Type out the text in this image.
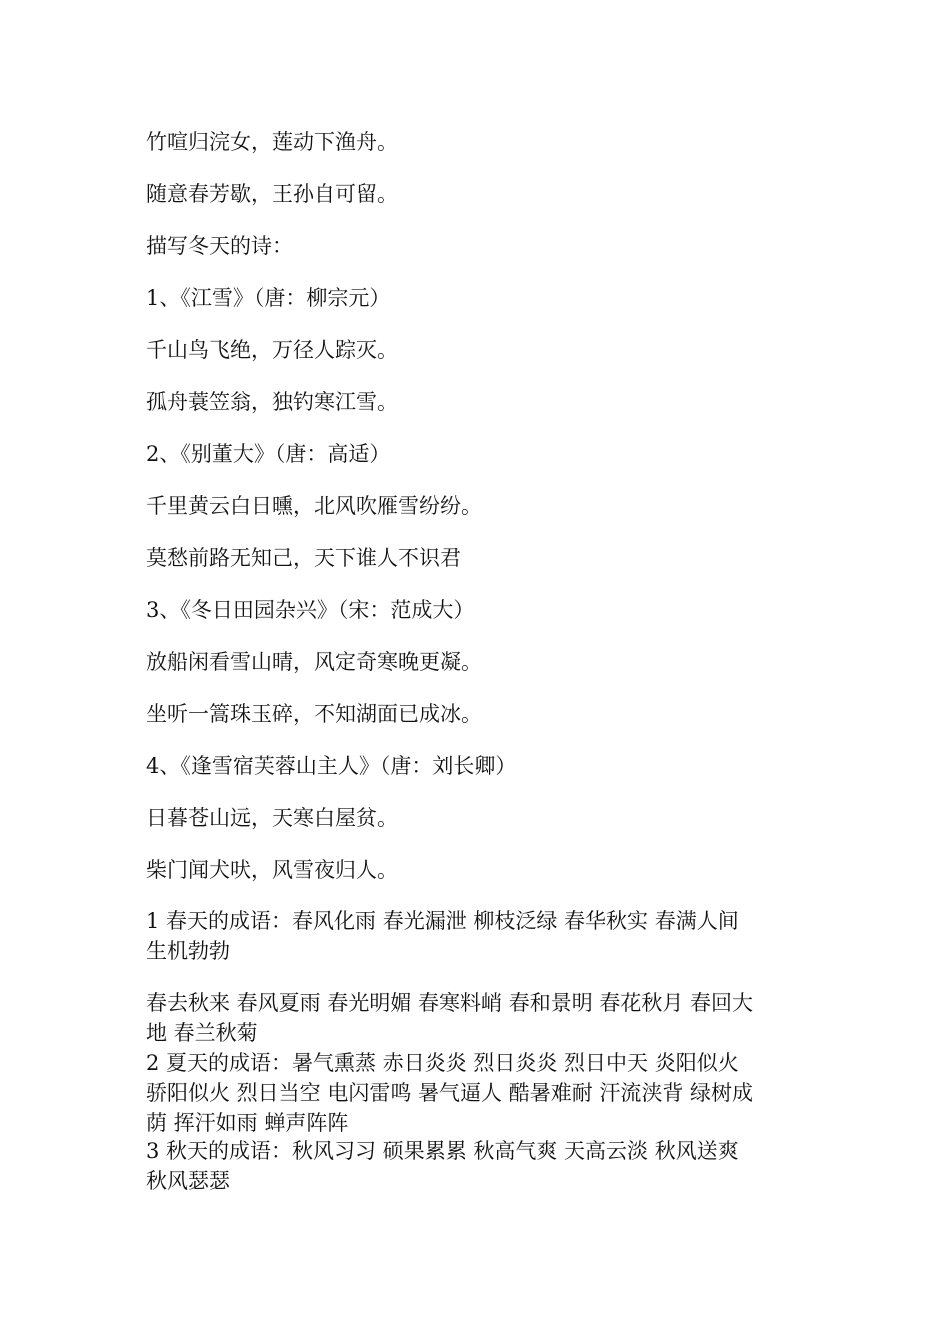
竹喧归浣女，莲动下渔舟。
随意春芳歇，王孙自可留。
描写冬天的诗：
1、《江雪》（唐：柳宗元）
千山鸟飞绝，万径人踪灭。
孤舟蓑笠翁，独钓寒江雪。
2、《别董大》（唐：高适）
千里黄云白日曛，北风吹雁雪纷纷。
莫愁前路无知己，天下谁人不识君
3、《冬日田园杂兴》（宋：范成大）
放船闲看雪山晴，风定奇寒晚更凝。
坐听一篙珠玉碎，不知湖面已成冰。
4、《逢雪宿芙蓉山主人》（唐：刘长卿）
日暮苍山远，天寒白屋贫。
柴门闻犬吠，风雪夜归人。
1 春天的成语：春风化雨 春光漏泄 柳枝泛绿 春华秋实 春满人间
生机勃勃
春去秋来 春风夏雨 春光明媚 春寒料峭 春和景明 春花秋月 春回大
地 春兰秋菊
2 夏天的成语：暑气熏蒸 赤日炎炎 烈日炎炎 烈日中天 炎阳似火
骄阳似火 烈日当空 电闪雷鸣 暑气逼人 酷暑难耐 汗流浃背 绿树成
荫 挥汗如雨 蝉声阵阵
3 秋天的成语：秋风习习 硕果累累 秋高气爽 天高云淡 秋风送爽
秋风瑟瑟
